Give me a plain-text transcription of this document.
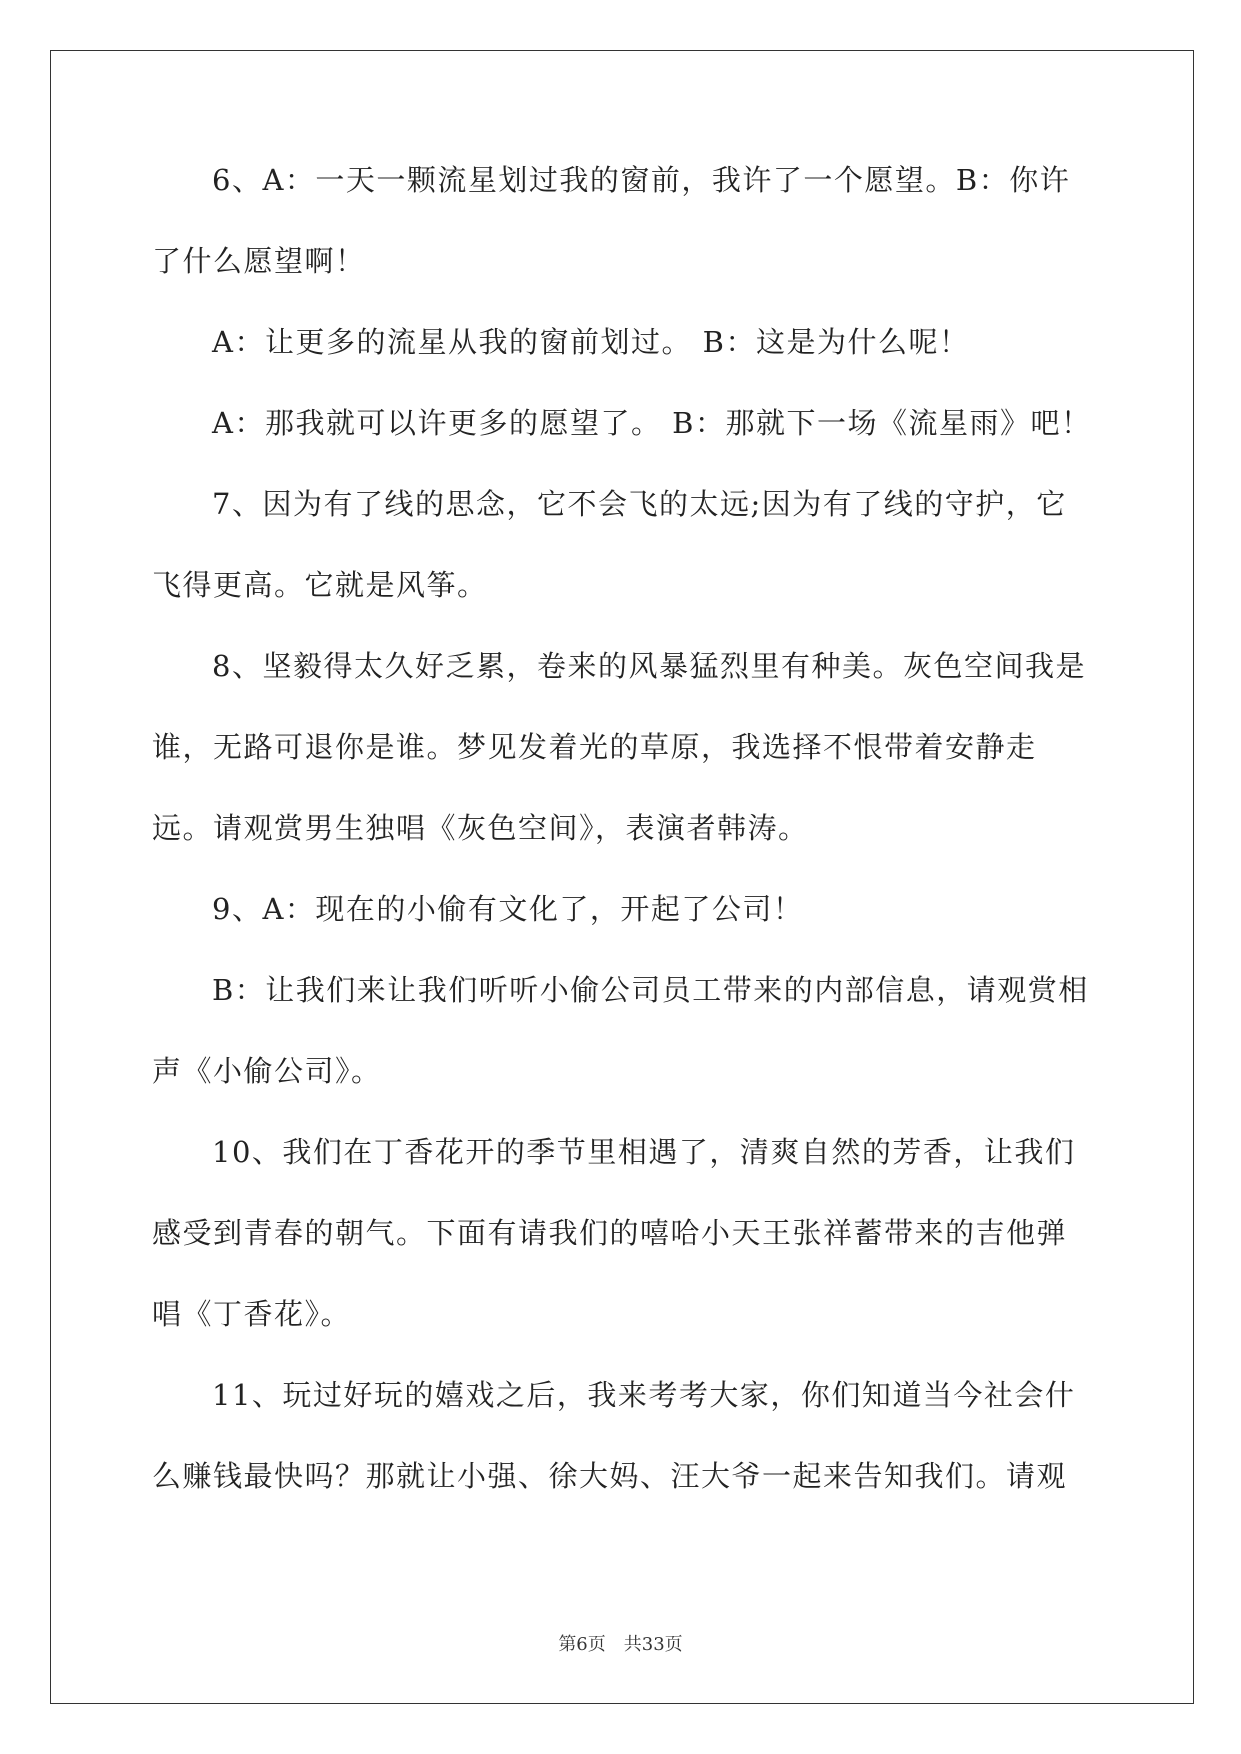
6、A：一天一颗流星划过我的窗前，我许了一个愿望。B：你许了什么愿望啊！

A：让更多的流星从我的窗前划过。 B：这是为什么呢！

A：那我就可以许更多的愿望了。 B：那就下一场《流星雨》吧！

7、因为有了线的思念，它不会飞的太远;因为有了线的守护，它飞得更高。它就是风筝。

8、坚毅得太久好乏累，卷来的风暴猛烈里有种美。灰色空间我是谁，无路可退你是谁。梦见发着光的草原，我选择不恨带着安静走远。请观赏男生独唱《灰色空间》，表演者韩涛。

9、A：现在的小偷有文化了，开起了公司！

B：让我们来让我们听听小偷公司员工带来的内部信息，请观赏相声《小偷公司》。

10、我们在丁香花开的季节里相遇了，清爽自然的芳香，让我们感受到青春的朝气。下面有请我们的嘻哈小天王张祥蓄带来的吉他弹唱《丁香花》。

11、玩过好玩的嬉戏之后，我来考考大家，你们知道当今社会什么赚钱最快吗？那就让小强、徐大妈、汪大爷一起来告知我们。请观

第6页 共33页
